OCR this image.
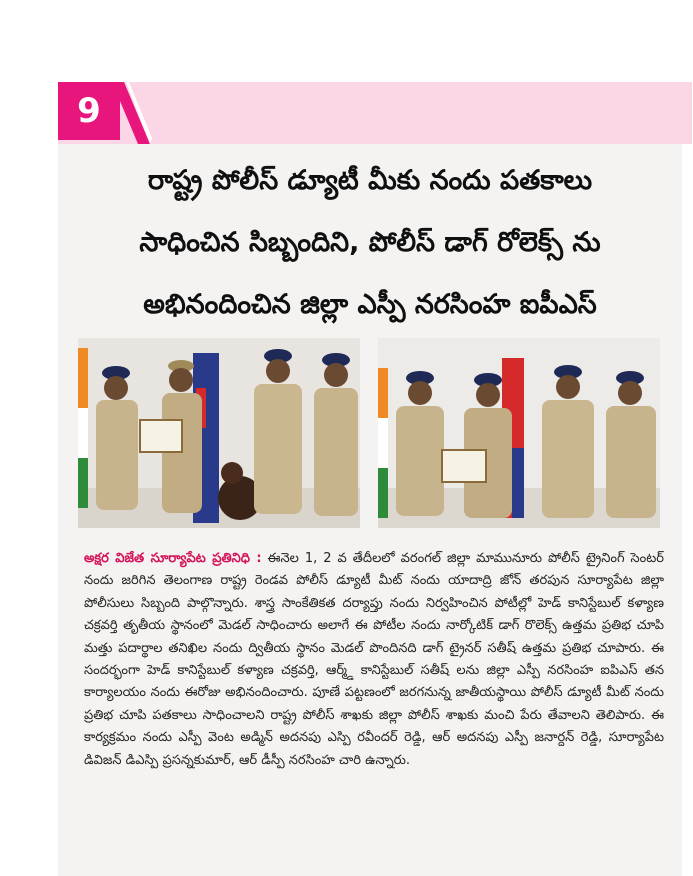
9
రాష్ట్ర పోలీస్ డ్యూటీ మీకు నందు పతకాలు
సాధించిన సిబ్బందిని, పోలీస్ డాగ్ రోలెక్స్ ను
అభినందించిన జిల్లా ఎస్పీ నరసింహ ఐపీఎస్
అక్షర విజేత సూర్యాపేట ప్రతినిధి : ఈనెల 1, 2 వ తేదీలలో వరంగల్ జిల్లా మామునూరు పోలీస్ ట్రైనింగ్ సెంటర్ నందు జరిగిన తెలంగాణ రాష్ట్ర రెండవ పోలీస్ డ్యూటీ మీట్ నందు యాదాద్రి జోన్ తరపున సూర్యాపేట జిల్లా పోలీసులు సిబ్బంది పాల్గొన్నారు. శాస్త్ర సాంకేతికత దర్యాప్తు నందు నిర్వహించిన పోటీల్లో హెడ్ కానిస్టేబుల్ కళ్యాణ చక్రవర్తి తృతీయ స్థానంలో మెడల్ సాధించారు అలాగే ఈ పోటీల నందు నార్కోటిక్ డాగ్ రొలెక్స్ ఉత్తమ ప్రతిభ చూపి మత్తు పదార్థాల తనిఖిల నందు ద్వితీయ స్థానం మెడల్ పొందినది డాగ్ ట్రైనర్ సతీష్ ఉత్తమ ప్రతిభ చూపారు. ఈ సందర్భంగా హెడ్ కానిస్టేబుల్ కళ్యాణ చక్రవర్తి, ఆర్మ్డ్ కానిస్టేబుల్ సతీష్ లను జిల్లా ఎస్పీ నరసింహ ఐపిఎస్ తన కార్యాలయం నందు ఈరోజు అభినందించారు. పూణే పట్టణంలో జరగనున్న జాతీయస్థాయి పోలీస్ డ్యూటీ మీట్ నందు ప్రతిభ చూపి పతకాలు సాధించాలని రాష్ట్ర పోలీస్ శాఖకు జిల్లా పోలీస్ శాఖకు మంచి పేరు తేవాలని తెలిపారు. ఈ కార్యక్రమం నందు ఎస్పీ వెంట అడ్మిన్ అదనపు ఎస్పి రవీందర్ రెడ్డి, ఆర్ అదనపు ఎస్పీ జనార్దన్ రెడ్డి, సూర్యాపేట డివిజన్ డిఎస్పి ప్రసన్నకుమార్, ఆర్ డీస్పీ నరసింహ చారి ఉన్నారు.
